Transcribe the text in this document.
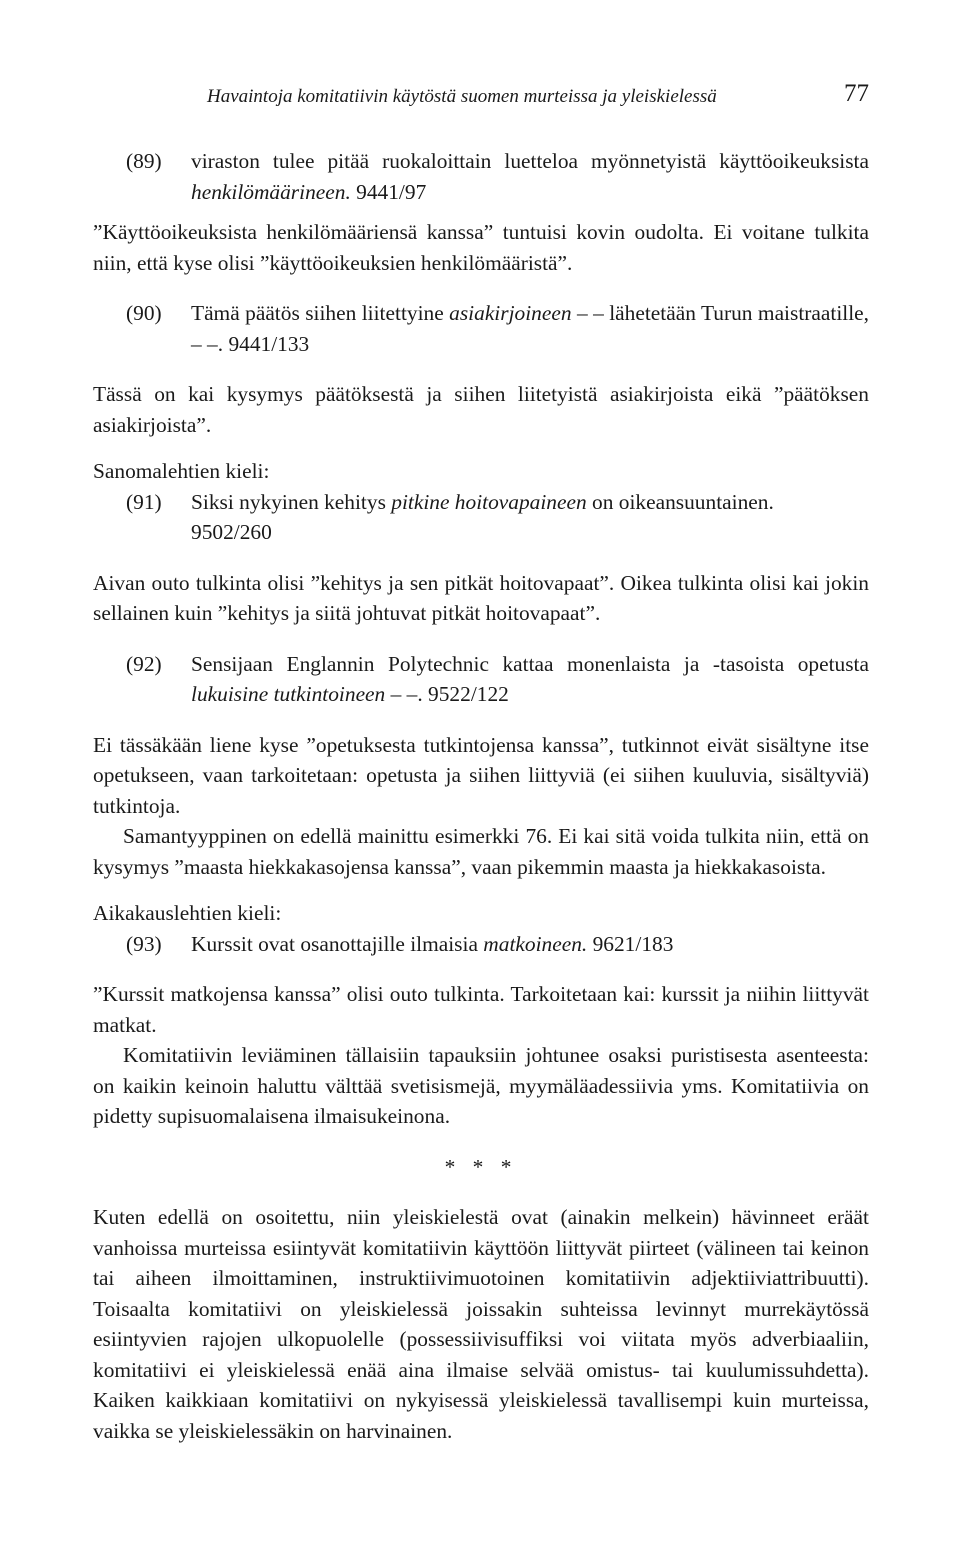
Havaintoja komitatiivin käytöstä suomen murteissa ja yleiskielessä	77
(89) viraston tulee pitää ruokaloittain luetteloa myönnetyistä käyttöoikeuksista henkilömäärineen. 9441/97

”Käyttöoikeuksista henkilömääriensä kanssa” tuntuisi kovin oudolta. Ei voitane tulkita niin, että kyse olisi ”käyttöoikeuksien henkilömääristä”.

(90) Tämä päätös siihen liitettyine asiakirjoineen – – lähetetään Turun maistraatille, – –. 9441/133

Tässä on kai kysymys päätöksestä ja siihen liitetyistä asiakirjoista eikä ”päätöksen asiakirjoista”.

Sanomalehtien kieli:

(91) Siksi nykyinen kehitys pitkine hoitovapaineen on oikeansuuntainen.
9502/260

Aivan outo tulkinta olisi ”kehitys ja sen pitkät hoitovapaat”. Oikea tulkinta olisi kai jokin sellainen kuin ”kehitys ja siitä johtuvat pitkät hoitovapaat”.

(92) Sensijaan Englannin Polytechnic kattaa monenlaista ja -tasoista opetusta lukuisine tutkintoineen – –. 9522/122

Ei tässäkään liene kyse ”opetuksesta tutkintojensa kanssa”, tutkinnot eivät sisältyne itse opetukseen, vaan tarkoitetaan: opetusta ja siihen liittyviä (ei siihen kuuluvia, sisältyviä) tutkintoja.

Samantyyppinen on edellä mainittu esimerkki 76. Ei kai sitä voida tulkita niin, että on kysymys ”maasta hiekkakasojensa kanssa”, vaan pikemmin maasta ja hiekkakasoista.

Aikakauslehtien kieli:

(93) Kurssit ovat osanottajille ilmaisia matkoineen. 9621/183

”Kurssit matkojensa kanssa” olisi outo tulkinta. Tarkoitetaan kai: kurssit ja niihin liittyvät matkat.

Komitatiivin leviäminen tällaisiin tapauksiin johtunee osaksi puristisesta asenteesta: on kaikin keinoin haluttu välttää svetisismejä, myymäläadessiivia yms. Komitatiivia on pidetty supisuomalaisena ilmaisukeinona.

* * *

Kuten edellä on osoitettu, niin yleiskielestä ovat (ainakin melkein) hävinneet eräät vanhoissa murteissa esiintyvät komitatiivin käyttöön liittyvät piirteet (välineen tai keinon tai aiheen ilmoittaminen, instruktiivimuotoinen komitatiivin adjektiiviattribuutti). Toisaalta komitatiivi on yleiskielessä joissakin suhteissa levinnyt murrekäytössä esiintyvien rajojen ulkopuolelle (possessiivisuffiksi voi viitata myös adverbiaaliin, komitatiivi ei yleiskielessä enää aina ilmaise selvää omistus- tai kuulumissuhdetta). Kaiken kaikkiaan komitatiivi on nykyisessä yleiskielessä tavallisempi kuin murteissa, vaikka se yleiskielessäkin on harvinainen.
